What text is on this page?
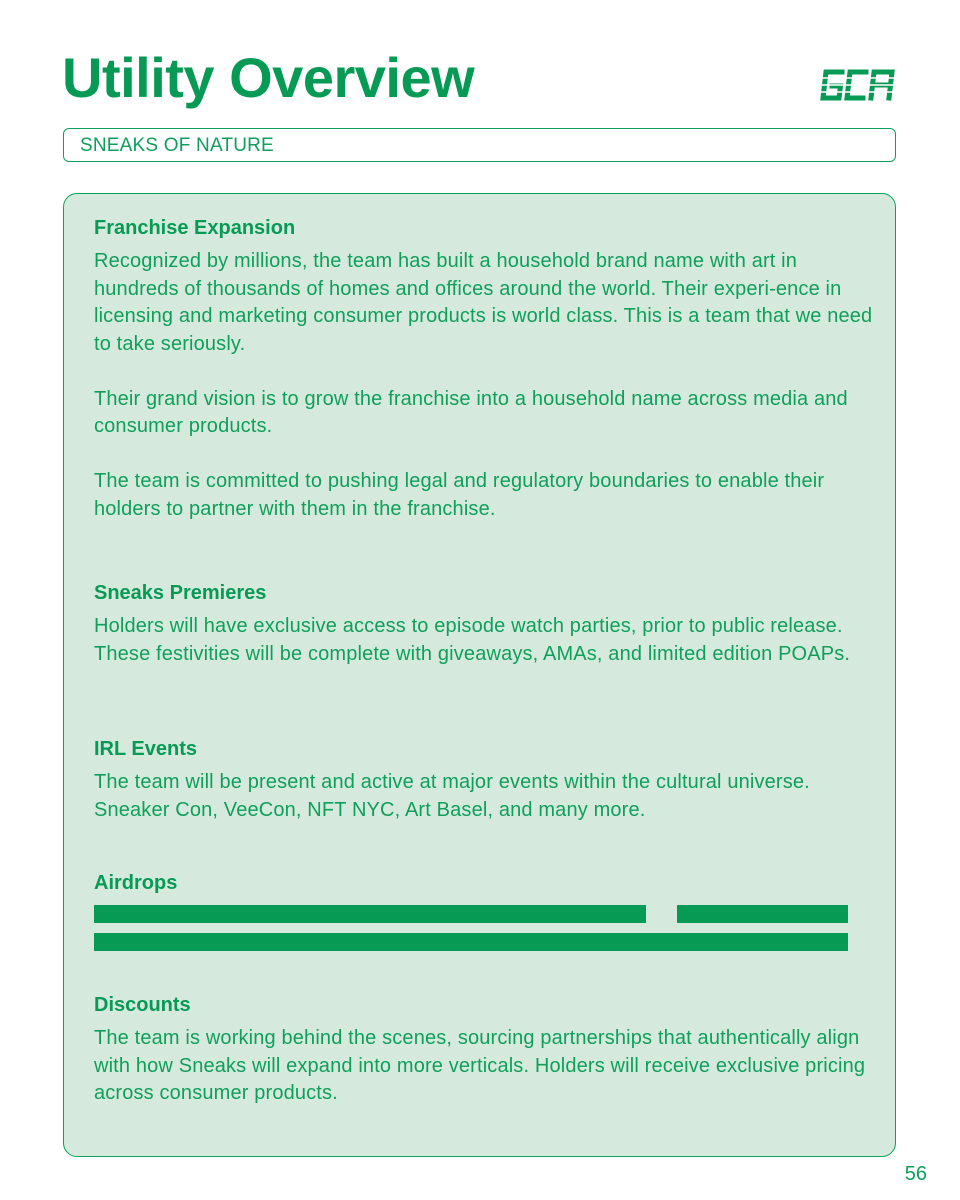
Utility Overview
SNEAKS OF NATURE
Franchise Expansion

Recognized by millions, the team has built a household brand name with art in hundreds of thousands of homes and offices around the world. Their experi-ence in licensing and marketing consumer products is world class. This is a team that we need to take seriously.

Their grand vision is to grow the franchise into a household name across media and consumer products.

The team is committed to pushing legal and regulatory boundaries to enable their holders to partner with them in the franchise.

Sneaks Premieres

Holders will have exclusive access to episode watch parties, prior to public release. These festivities will be complete with giveaways, AMAs, and limited edition POAPs.

IRL Events

The team will be present and active at major events within the cultural universe. Sneaker Con, VeeCon, NFT NYC, Art Basel, and many more.

Airdrops
Discounts

The team is working behind the scenes, sourcing partnerships that authentically align with how Sneaks will expand into more verticals. Holders will receive exclusive pricing across consumer products.

56
